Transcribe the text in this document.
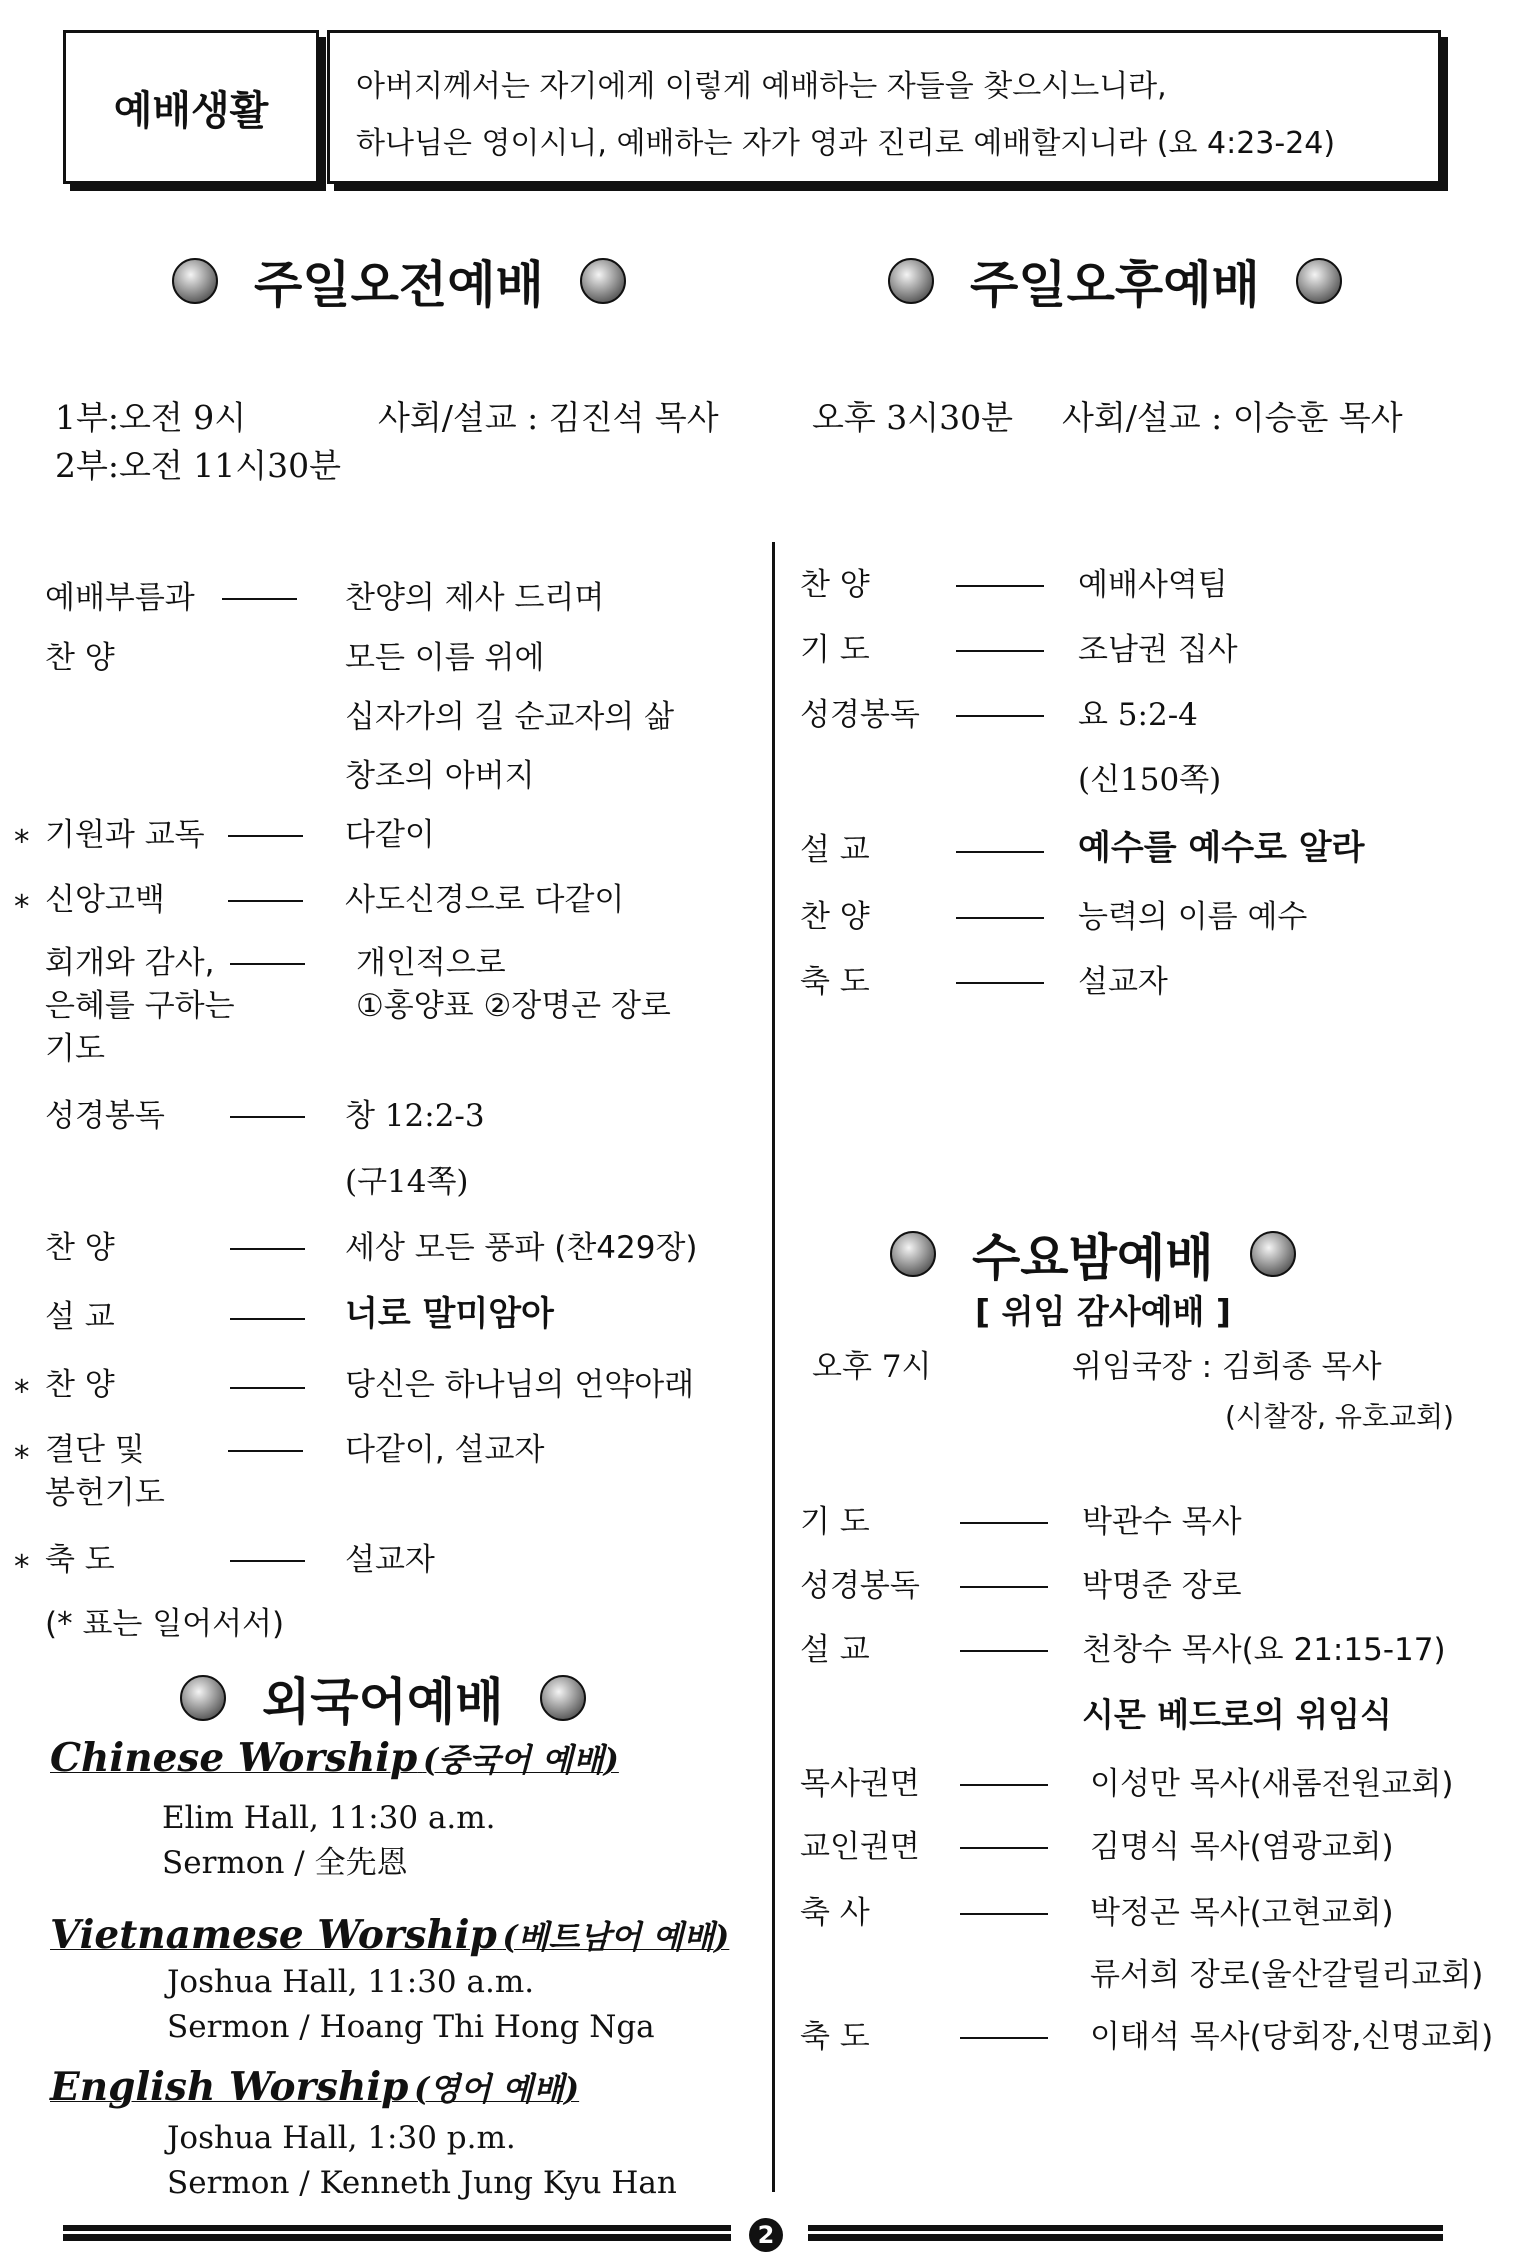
예배생활
아버지께서는 자기에게 이렇게 예배하는 자들을 찾으시느니라,
하나님은 영이시니, 예배하는 자가 영과 진리로 예배할지니라 (요 4:23-24)
주일오전예배	주일오후예배
1부:오전 9시	사회/설교 : 김진석 목사
2부:오전 11시30분
오후 3시30분 사회/설교 : 이승훈 목사
예배부름과	찬양의 제사 드리며
찬 양	모든 이름 위에
십자가의 길 순교자의 삶
창조의 아버지
* 기원과 교독	다같이
* 신앙고백	사도신경으로 다같이
회개와 감사,	개인적으로
은혜를 구하는	①홍양표 ②장명곤 장로
기도
성경봉독	창 12:2-3
(구14쪽)
찬 양	세상 모든 풍파 (찬429장)
설 교	너로 말미암아
* 찬 양	당신은 하나님의 언약아래
* 결단 및	다같이, 설교자
봉헌기도
* 축 도	설교자
(* 표는 일어서서)
외국어예배
Chinese Worship (중국어 예배)
Elim Hall, 11:30 a.m.
Sermon / 全先恩
Vietnamese Worship (베트남어 예배)
Joshua Hall, 11:30 a.m.
Sermon / Hoang Thi Hong Nga
English Worship (영어 예배)
Joshua Hall, 1:30 p.m.
Sermon / Kenneth Jung Kyu Han
찬 양	예배사역팀
기 도	조남권 집사
성경봉독	요 5:2-4
(신150쪽)
설 교	예수를 예수로 알라
찬 양	능력의 이름 예수
축 도	설교자
수요밤예배
[ 위임 감사예배 ]
오후 7시	위임국장 : 김희종 목사
(시찰장, 유호교회)
기 도	박관수 목사
성경봉독	박명준 장로
설 교	천창수 목사(요 21:15-17)
시몬 베드로의 위임식
목사권면	이성만 목사(새롬전원교회)
교인권면	김명식 목사(염광교회)
축 사	박정곤 목사(고현교회)
류서희 장로(울산갈릴리교회)
축 도	이태석 목사(당회장,신명교회)
2
